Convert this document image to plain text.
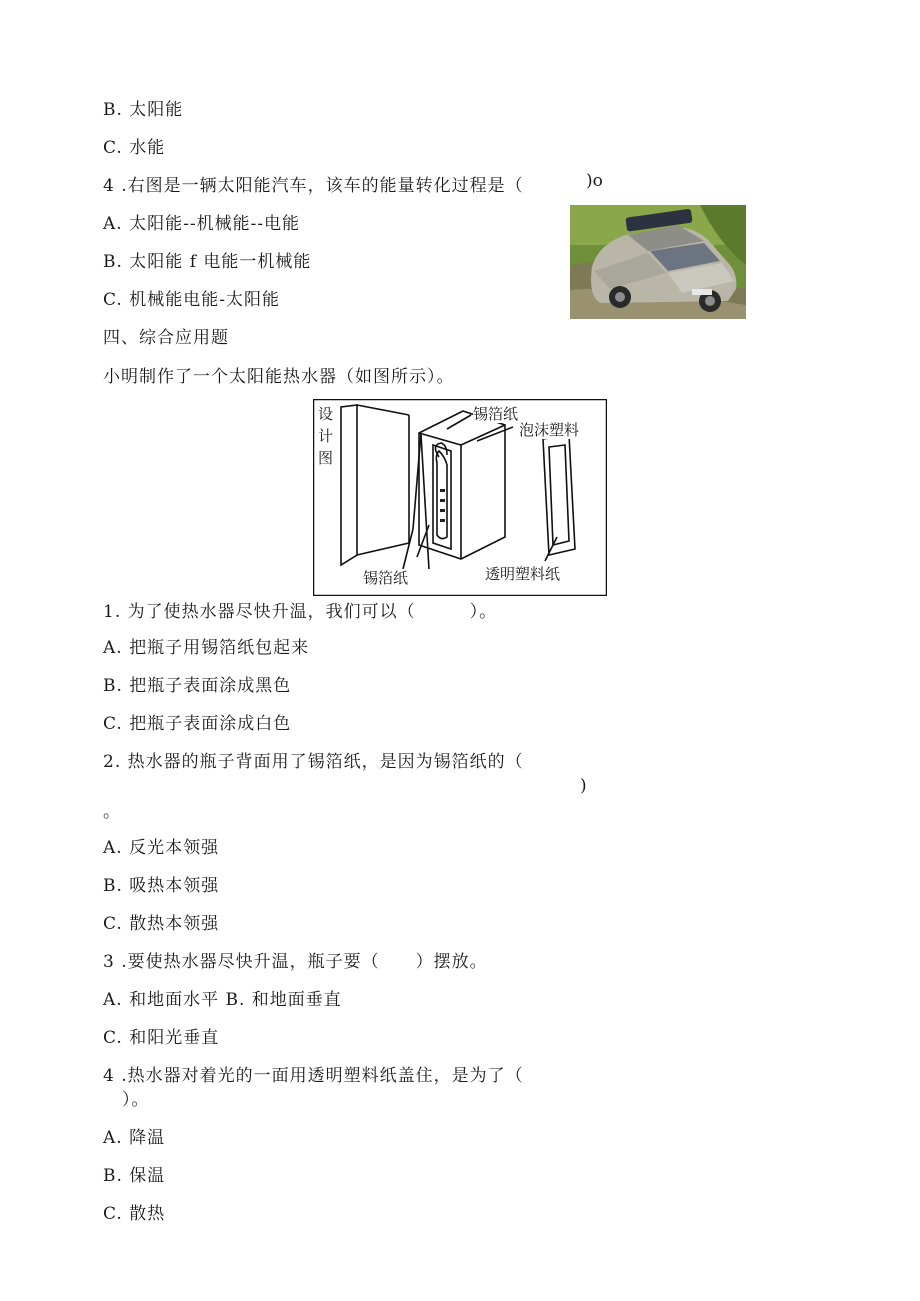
B. 太阳能
C. 水能
4 .右图是一辆太阳能汽车，该车的能量转化过程是（	)o
A. 太阳能--机械能--电能
B. 太阳能 f 电能一机械能
C. 机械能电能-太阳能
四、综合应用题
小明制作了一个太阳能热水器（如图所示）。
设
计
图
锡箔纸
泡沫塑料
锡箔纸	透明塑料纸
1. 为了使热水器尽快升温，我们可以（　　　）。
A. 把瓶子用锡箔纸包起来
B. 把瓶子表面涂成黑色
C. 把瓶子表面涂成白色
2. 热水器的瓶子背面用了锡箔纸，是因为锡箔纸的（
)
。
A. 反光本领强
B. 吸热本领强
C. 散热本领强
3 .要使热水器尽快升温，瓶子要（　　）摆放。
A. 和地面水平 B. 和地面垂直
C. 和阳光垂直
4 .热水器对着光的一面用透明塑料纸盖住，是为了（
）。
A. 降温
B. 保温
C. 散热
